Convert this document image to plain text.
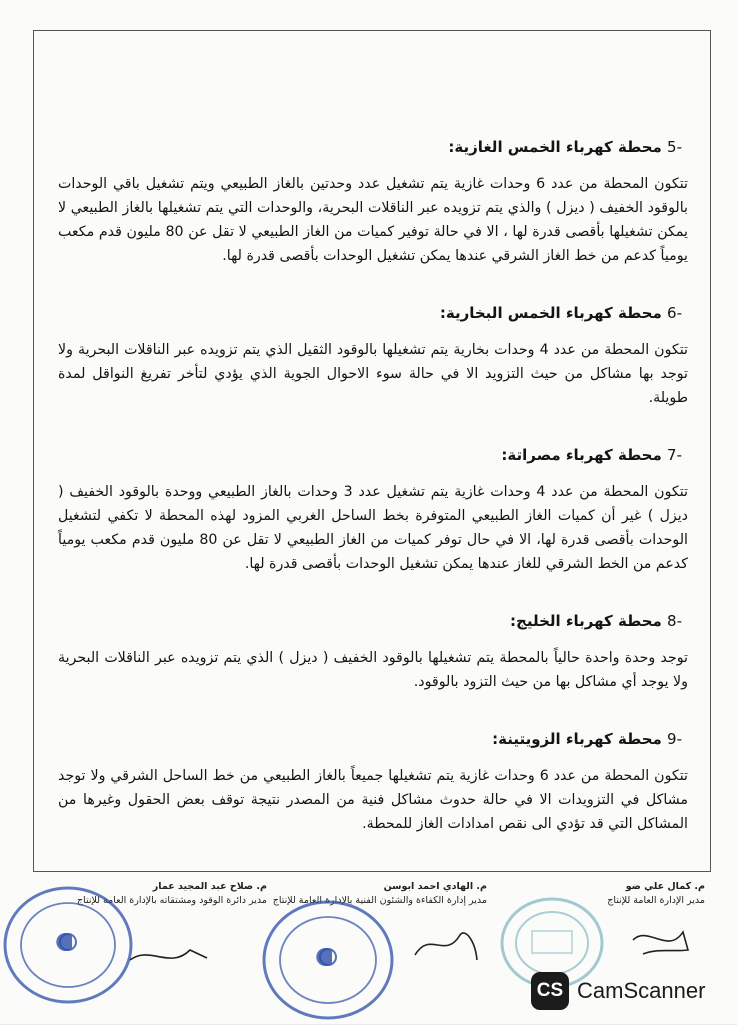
-5 محطة كهرباء الخمس الغازية:

تتكون المحطة من عدد 6 وحدات غازية يتم تشغيل عدد وحدتين بالغاز الطبيعي ويتم تشغيل باقي الوحدات بالوقود الخفيف ( ديزل ) والذي يتم تزويده عبر الناقلات البحرية، والوحدات التي يتم تشغيلها بالغاز الطبيعي لا يمكن تشغيلها بأقصى قدرة لها ، الا في حالة توفير كميات من الغاز الطبيعي لا تقل عن 80 مليون قدم مكعب يومياً كدعم من خط الغاز الشرقي عندها يمكن تشغيل الوحدات بأقصى قدرة لها.

-6 محطة كهرباء الخمس البخارية:

تتكون المحطة من عدد 4 وحدات بخارية يتم تشغيلها بالوقود الثقيل الذي يتم تزويده عبر الناقلات البحرية ولا توجد بها مشاكل من حيث التزويد الا في حالة سوء الاحوال الجوية الذي يؤدي لتأخر تفريغ النواقل لمدة طويلة.

-7 محطة كهرباء مصراتة:

تتكون المحطة من عدد 4 وحدات غازية يتم تشغيل عدد 3 وحدات بالغاز الطبيعي ووحدة بالوقود الخفيف ( ديزل ) غير أن كميات الغاز الطبيعي المتوفرة بخط الساحل الغربي المزود لهذه المحطة لا تكفي لتشغيل الوحدات بأقصى قدرة لها، الا في حال توفر كميات من الغاز الطبيعي لا تقل عن 80 مليون قدم مكعب يومياً كدعم من الخط الشرقي للغاز عندها يمكن تشغيل الوحدات بأقصى قدرة لها.

-8 محطة كهرباء الخليج:

توجد وحدة واحدة حالياً بالمحطة يتم تشغيلها بالوقود الخفيف ( ديزل ) الذي يتم تزويده عبر الناقلات البحرية ولا يوجد أي مشاكل بها من حيث التزود بالوقود.

-9 محطة كهرباء الزويتينة:

تتكون المحطة من عدد 6 وحدات غازية يتم تشغيلها جميعاً بالغاز الطبيعي من خط الساحل الشرقي ولا توجد مشاكل في التزويدات الا في حالة حدوث مشاكل فنية من المصدر نتيجة توقف بعض الحقول وغيرها من المشاكل التي قد تؤدي الى نقص امدادات الغاز للمحطة.

م. كمال علي ضو
مدير الإدارة العامة للإنتاج
م. الهادي احمد ابوسن
مدير إدارة الكفاءة والشئون الفنية بالإدارة العامة للإنتاج
م. صلاح عبد المجيد عمار
مدير دائرة الوقود ومشتقاته بالإدارة العامة للإنتاج
CS CamScanner
